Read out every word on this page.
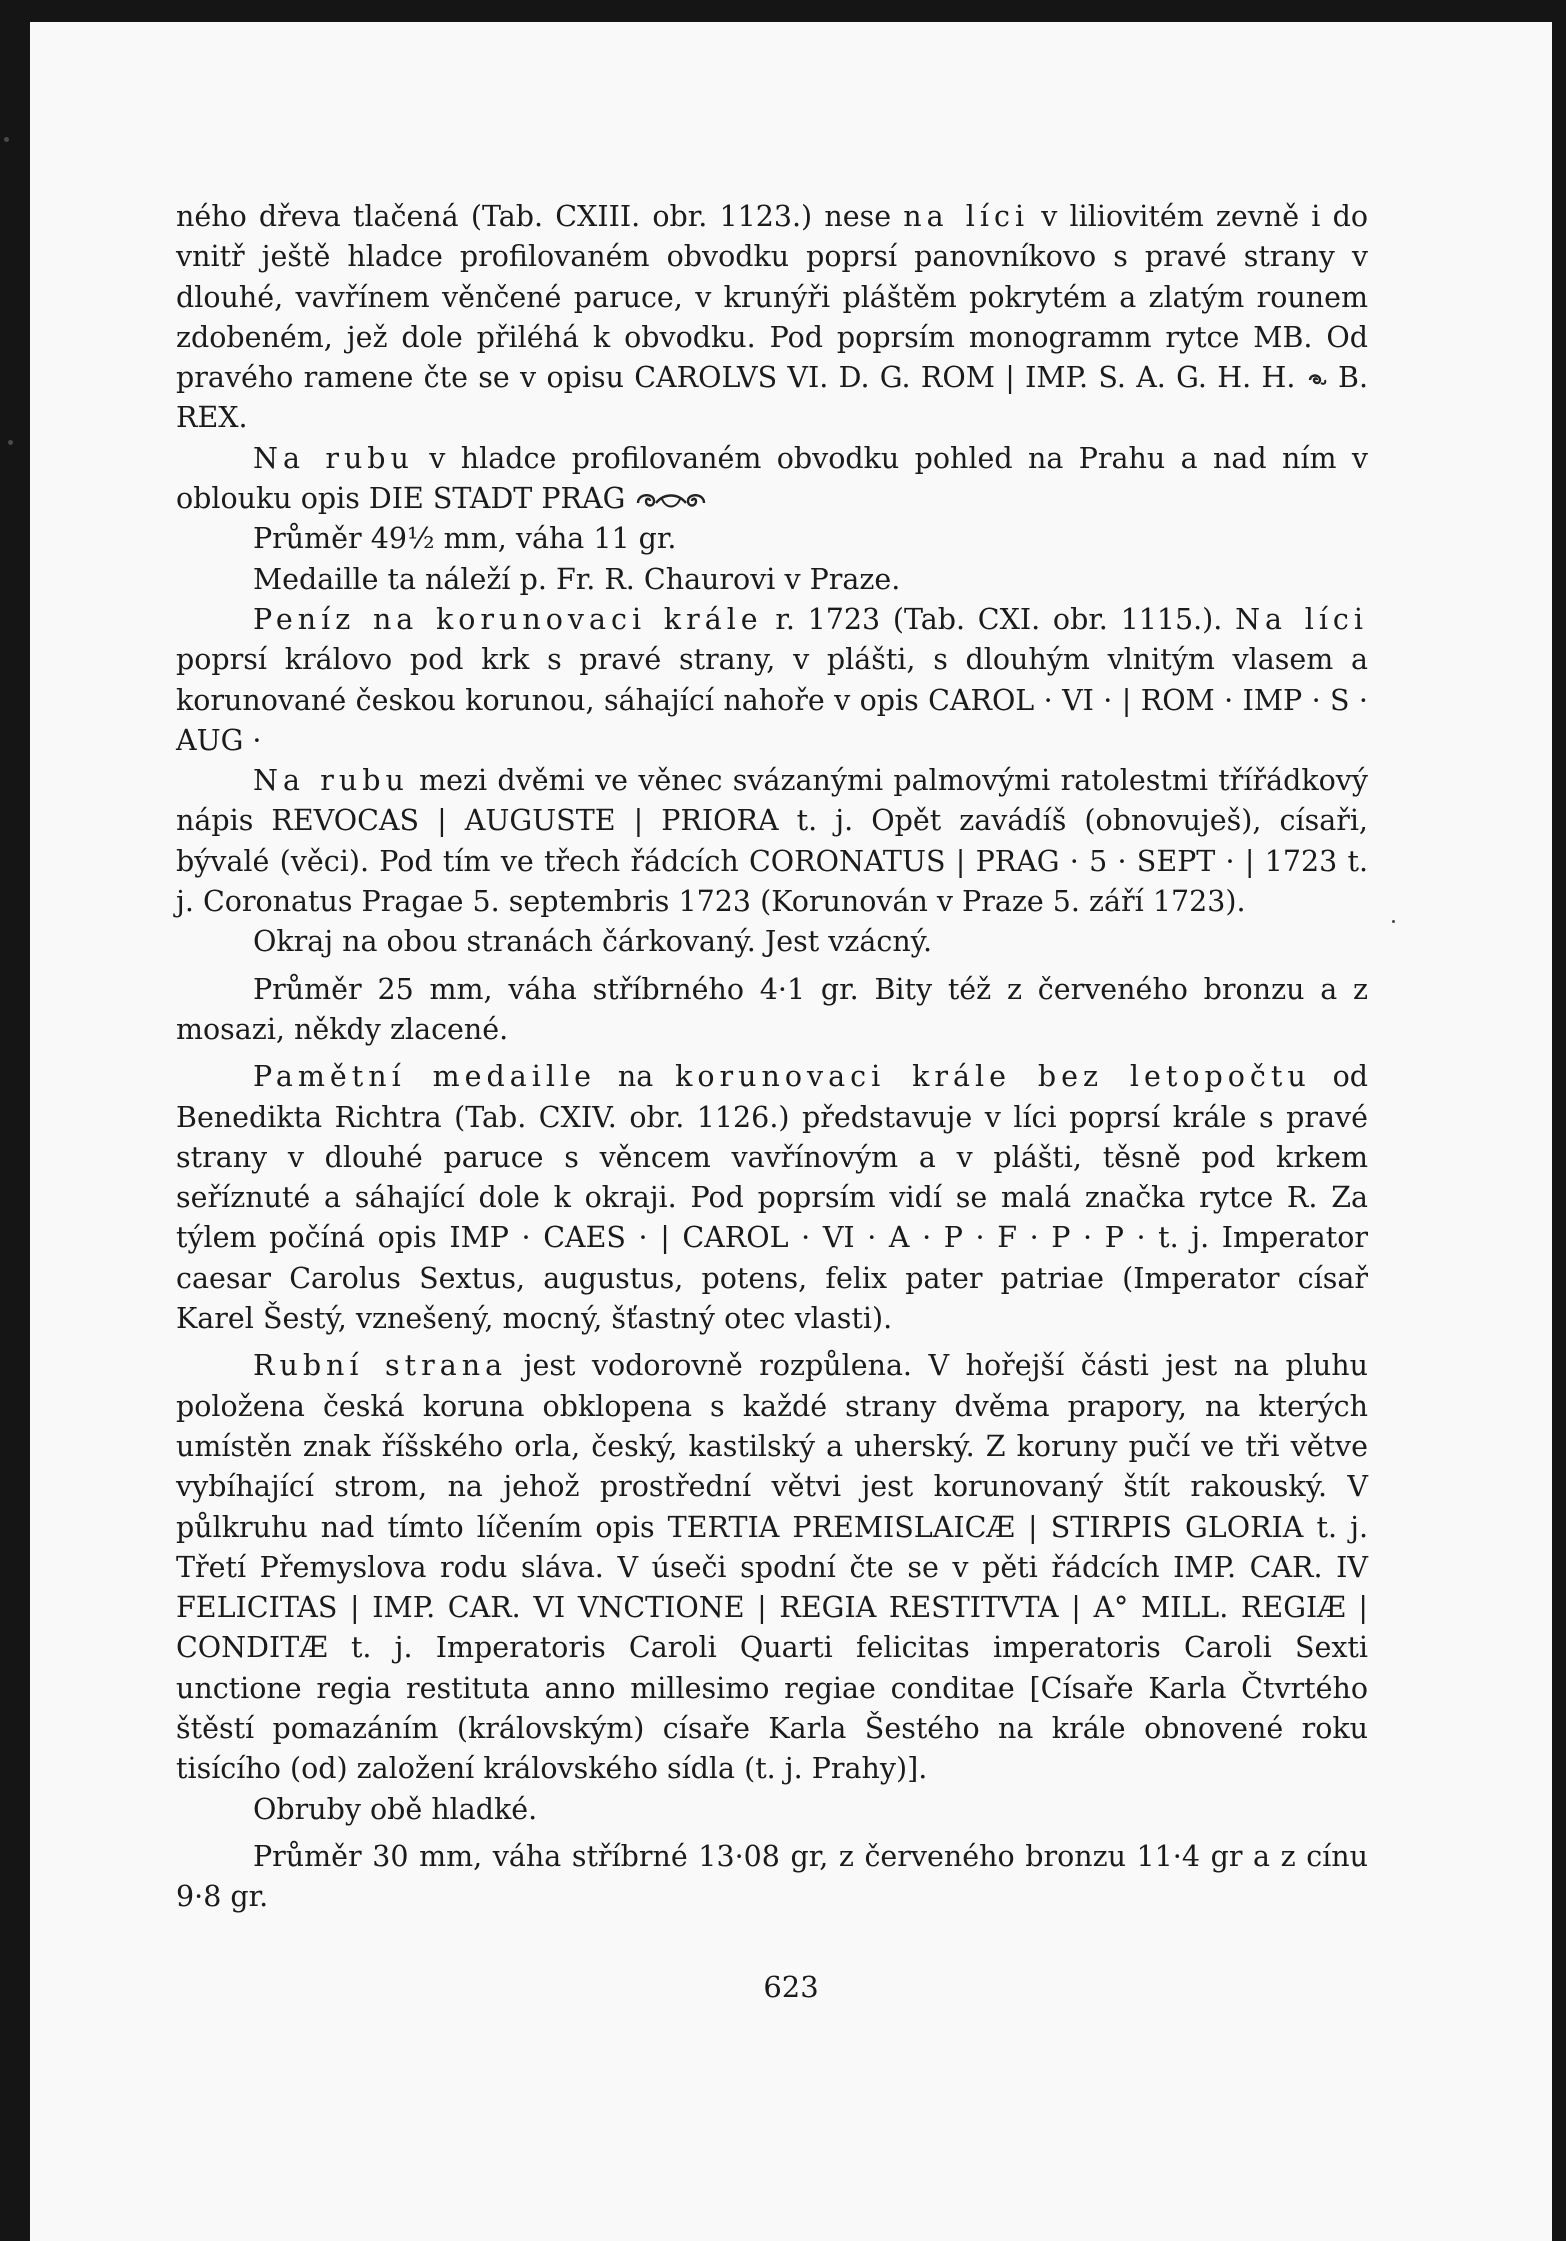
ného dřeva tlačená (Tab. CXIII. obr. 1123.) nese na líci v liliovitém zevně i do vnitř ještě hladce profilovaném obvodku poprsí panovníkovo s pravé strany v dlouhé, vavřínem věnčené paruce, v krunýři pláštěm pokrytém a zlatým rounem zdobeném, jež dole přiléhá k obvodku. Pod poprsím monogramm rytce MB. Od pravého ramene čte se v opisu CAROLVS VI. D. G. ROM | IMP. S. A. G. H. H.  B. REX.

Na rubu v hladce profilovaném obvodku pohled na Prahu a nad ním v oblouku opis DIE STADT PRAG

Průměr 49½ mm, váha 11 gr.

Medaille ta náleží p. Fr. R. Chaurovi v Praze.

Peníz na korunovaci krále r. 1723 (Tab. CXI. obr. 1115.). Na líci poprsí královo pod krk s pravé strany, v plášti, s dlouhým vlnitým vlasem a korunované českou korunou, sáhající nahoře v opis CAROL · VI · | ROM · IMP · S · AUG ·

Na rubu mezi dvěmi ve věnec svázanými palmovými ratolestmi třířádkový nápis REVOCAS | AUGUSTE | PRIORA t. j. Opět zavádíš (obnovuješ), císaři, bývalé (věci). Pod tím ve třech řádcích CORONATUS | PRAG · 5 · SEPT · | 1723 t. j. Coronatus Pragae 5. septembris 1723 (Korunován v Praze 5. září 1723).

Okraj na obou stranách čárkovaný. Jest vzácný.

Průměr 25 mm, váha stříbrného 4·1 gr. Bity též z červeného bronzu a z mosazi, někdy zlacené.

Pamětní medaille na korunovaci krále bez letopočtu od Benedikta Richtra (Tab. CXIV. obr. 1126.) představuje v líci poprsí krále s pravé strany v dlouhé paruce s věncem vavřínovým a v plášti, těsně pod krkem seříznuté a sáhající dole k okraji. Pod poprsím vidí se malá značka rytce R. Za týlem počíná opis IMP · CAES · | CAROL · VI · A · P · F · P · P · t. j. Imperator caesar Carolus Sextus, augustus, potens, felix pater patriae (Imperator císař Karel Šestý, vznešený, mocný, šťastný otec vlasti).

Rubní strana jest vodorovně rozpůlena. V hořejší části jest na pluhu položena česká koruna obklopena s každé strany dvěma prapory, na kterých umístěn znak říšského orla, český, kastilský a uherský. Z koruny pučí ve tři větve vybíhající strom, na jehož prostřední větvi jest korunovaný štít rakouský. V půlkruhu nad tímto líčením opis TERTIA PREMISLAICÆ | STIRPIS GLORIA t. j. Třetí Přemyslova rodu sláva. V úseči spodní čte se v pěti řádcích IMP. CAR. IV FELICITAS | IMP. CAR. VI VNCTIONE | REGIA RESTITVTA | A° MILL. REGIÆ | CONDITÆ t. j. Imperatoris Caroli Quarti felicitas imperatoris Caroli Sexti unctione regia restituta anno millesimo regiae conditae [Císaře Karla Čtvrtého štěstí pomazáním (královským) císaře Karla Šestého na krále obnovené roku tisícího (od) založení královského sídla (t. j. Prahy)].

Obruby obě hladké.

Průměr 30 mm, váha stříbrné 13·08 gr, z červeného bronzu 11·4 gr a z cínu 9·8 gr.

623
